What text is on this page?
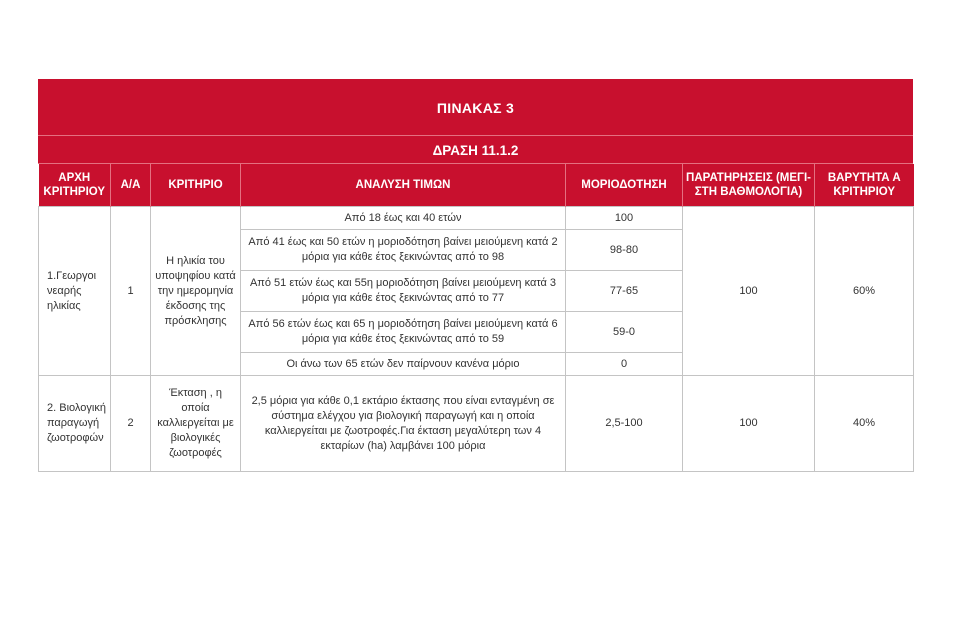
ΠΙΝΑΚΑΣ 3
ΔΡΑΣΗ 11.1.2
ΑΡΧΗ ΚΡΙΤΗΡΙΟΥ	Α/Α	ΚΡΙΤΗΡΙΟ	ΑΝΑΛΥΣΗ ΤΙΜΩΝ	ΜΟΡΙΟΔΟΤΗΣΗ	ΠΑΡΑΤΗΡΗΣΕΙΣ (ΜΕΓΙ-ΣΤΗ ΒΑΘΜΟΛΟΓΙΑ)	ΒΑΡΥΤΗΤΑ Α ΚΡΙΤΗΡΙΟΥ
1.Γεωργοι νεαρής ηλικίας	1	Η ηλικία του υποψηφίου κατά την ημερομηνία έκδοσης της πρόσκλησης	Από 18 έως και 40 ετών	100	100	60%
			Από 41 έως και 50 ετών η μοριοδότηση βαίνει μειούμενη κατά 2 μόρια για κάθε έτος ξεκινώντας από το 98	98-80		
			Από 51 ετών έως και 55η μοριοδότηση βαίνει μειούμενη κατά 3 μόρια για κάθε έτος ξεκινώντας από το 77	77-65		
			Από 56 ετών έως και 65 η μοριοδότηση βαίνει μειούμενη κατά 6 μόρια για κάθε έτος ξεκινώντας από το 59	59-0		
			Οι άνω των 65 ετών δεν παίρνουν κανένα μόριο	0		
2. Βιολογική παραγωγή ζωοτροφών	2	Έκταση , η οποία καλλιεργείται με βιολογικές ζωοτροφές	2,5 μόρια για κάθε 0,1 εκτάριο έκτασης που είναι ενταγμένη σε σύστημα ελέγχου για βιολογική παραγωγή και η οποία καλλιεργείται με ζωοτροφές.Για έκταση μεγαλύτερη των 4 εκταρίων (ha) λαμβάνει 100 μόρια	2,5-100	100	40%
